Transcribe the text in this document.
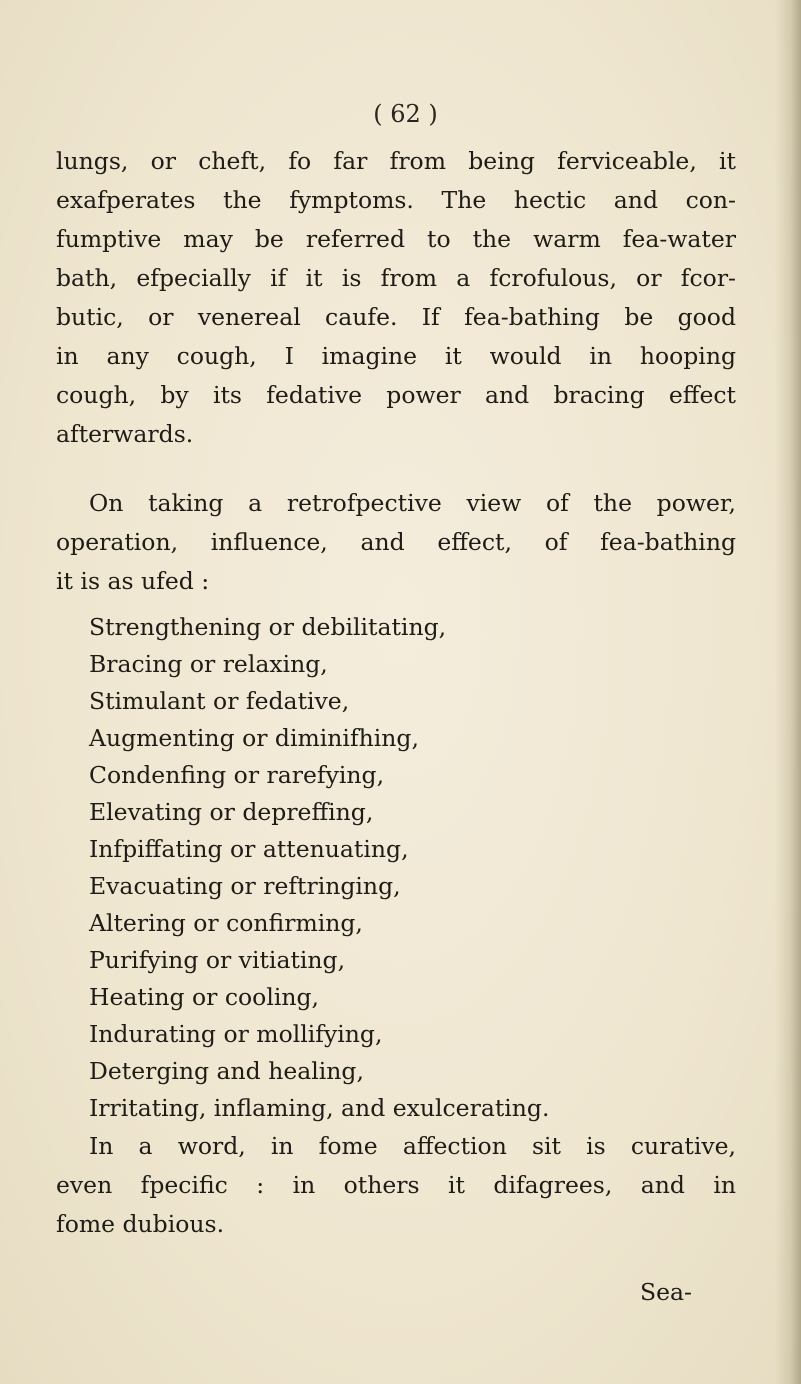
( 62 )

lungs, or cheft, fo far from being ferviceable, it
exafperates the fymptoms. The hectic and con-
fumptive may be referred to the warm fea-water
bath, efpecially if it is from a fcrofulous, or fcor-
butic, or venereal caufe. If fea-bathing be good
in any cough, I imagine it would in hooping
cough, by its fedative power and bracing effect
afterwards.

On taking a retrofpective view of the power,
operation, influence, and effect, of fea-bathing
it is as ufed :

Strengthening or debilitating,
Bracing or relaxing,
Stimulant or fedative,
Augmenting or diminifhing,
Condenfing or rarefying,
Elevating or depreffing,
Infpiffating or attenuating,
Evacuating or reftringing,
Altering or confirming,
Purifying or vitiating,
Heating or cooling,
Indurating or mollifying,
Deterging and healing,
Irritating, inflaming, and exulcerating.

In a word, in fome affection sit is curative,
even fpecific : in others it difagrees, and in
fome dubious.

Sea-
